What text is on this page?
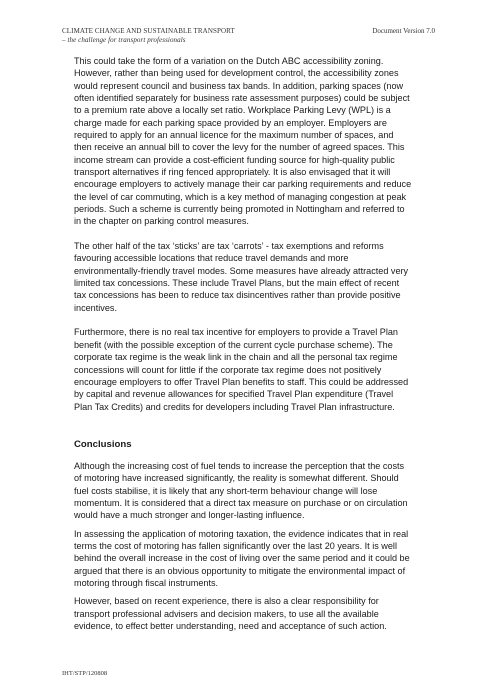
CLIMATE CHANGE AND SUSTAINABLE TRANSPORT
– the challenge for transport professionals
Document Version 7.0

This could take the form of a variation on the Dutch ABC accessibility zoning. However, rather than being used for development control, the accessibility zones would represent council and business tax bands. In addition, parking spaces (now often identified separately for business rate assessment purposes) could be subject to a premium rate above a locally set ratio. Workplace Parking Levy (WPL) is a charge made for each parking space provided by an employer. Employers are required to apply for an annual licence for the maximum number of spaces, and then receive an annual bill to cover the levy for the number of agreed spaces. This income stream can provide a cost-efficient funding source for high-quality public transport alternatives if ring fenced appropriately. It is also envisaged that it will encourage employers to actively manage their car parking requirements and reduce the level of car commuting, which is a key method of managing congestion at peak periods. Such a scheme is currently being promoted in Nottingham and referred to in the chapter on parking control measures.

The other half of the tax ‘sticks’ are tax ‘carrots’ - tax exemptions and reforms favouring accessible locations that reduce travel demands and more environmentally-friendly travel modes. Some measures have already attracted very limited tax concessions. These include Travel Plans, but the main effect of recent tax concessions has been to reduce tax disincentives rather than provide positive incentives.

Furthermore, there is no real tax incentive for employers to provide a Travel Plan benefit (with the possible exception of the current cycle purchase scheme). The corporate tax regime is the weak link in the chain and all the personal tax regime concessions will count for little if the corporate tax regime does not positively encourage employers to offer Travel Plan benefits to staff. This could be addressed by capital and revenue allowances for specified Travel Plan expenditure (Travel Plan Tax Credits) and credits for developers including Travel Plan infrastructure.

Conclusions

Although the increasing cost of fuel tends to increase the perception that the costs of motoring have increased significantly, the reality is somewhat different. Should fuel costs stabilise, it is likely that any short-term behaviour change will lose momentum. It is considered that a direct tax measure on purchase or on circulation would have a much stronger and longer-lasting influence.

In assessing the application of motoring taxation, the evidence indicates that in real terms the cost of motoring has fallen significantly over the last 20 years. It is well behind the overall increase in the cost of living over the same period and it could be argued that there is an obvious opportunity to mitigate the environmental impact of motoring through fiscal instruments.

However, based on recent experience, there is also a clear responsibility for transport professional advisers and decision makers, to use all the available evidence, to effect better understanding, need and acceptance of such action.

IHT/STP/120808
